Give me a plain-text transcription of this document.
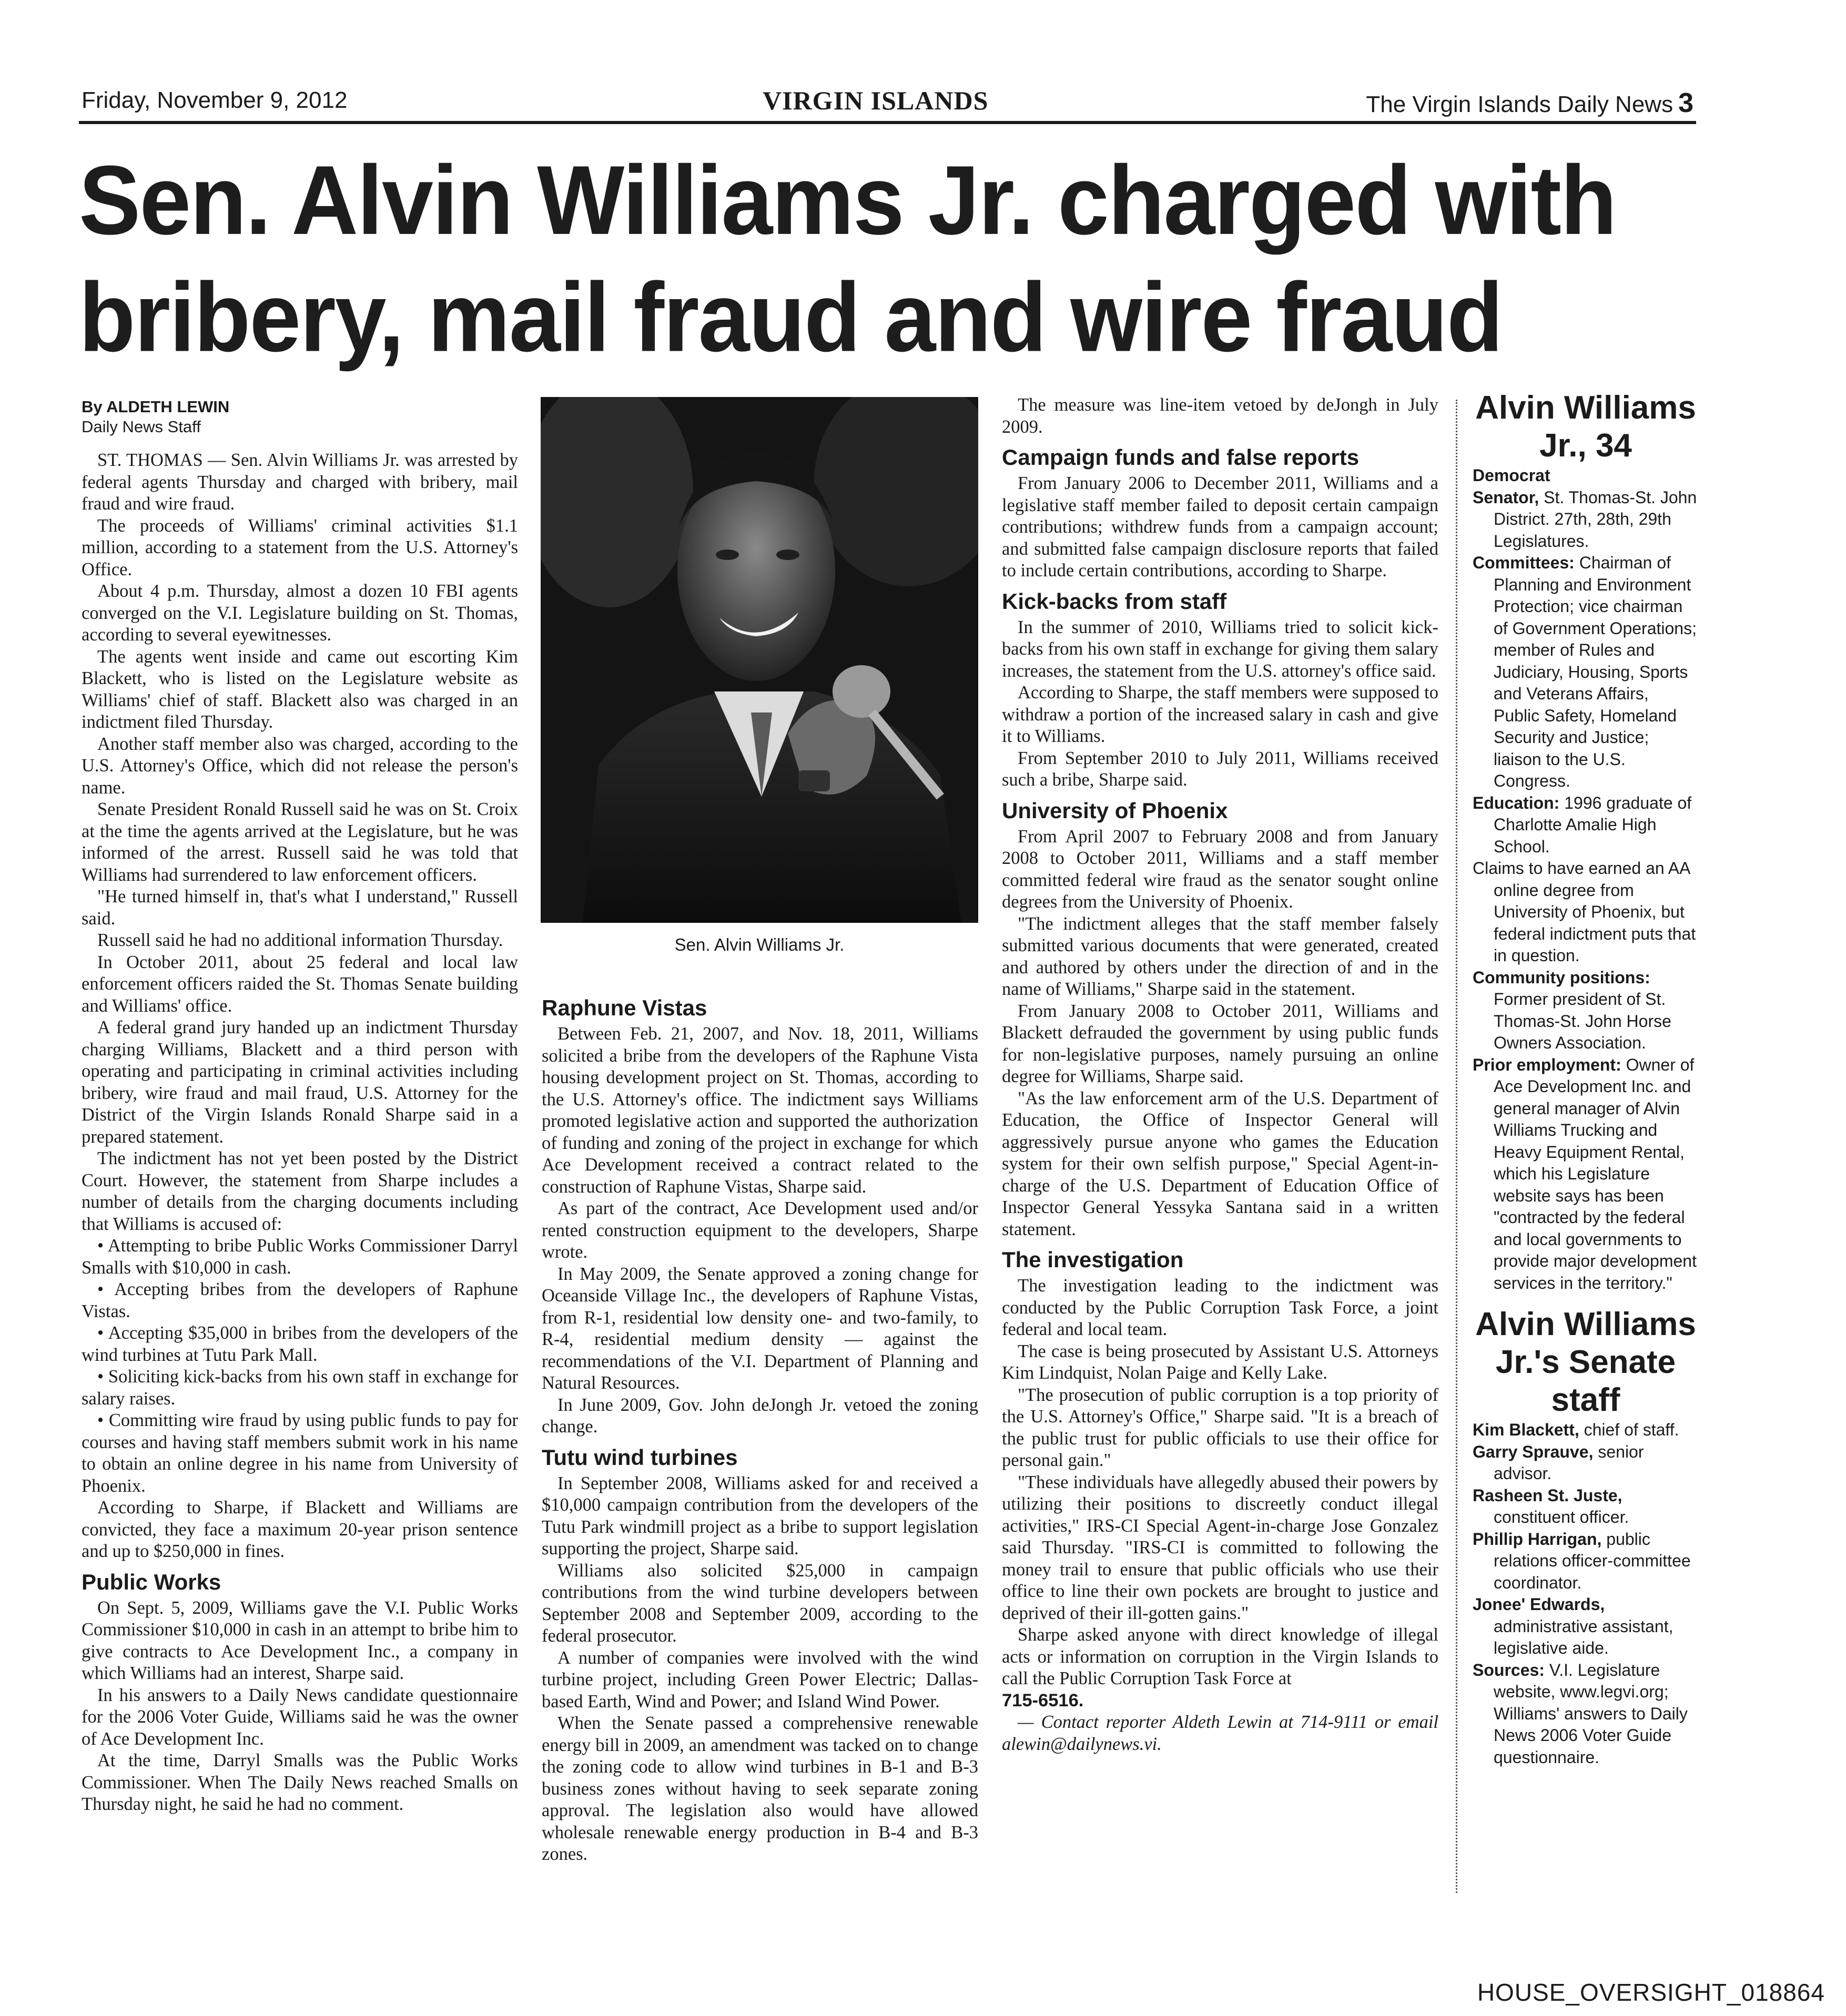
Friday, November 9, 2012	VIRGIN ISLANDS	The Virgin Islands Daily News 3
Sen. Alvin Williams Jr. charged with bribery, mail fraud and wire fraud
By ALDETH LEWIN
Daily News Staff

ST. THOMAS — Sen. Alvin Williams Jr. was arrested by federal agents Thursday and charged with bribery, mail fraud and wire fraud.

The proceeds of Williams' criminal activities $1.1 million, according to a statement from the U.S. Attorney's Office.

About 4 p.m. Thursday, almost a dozen 10 FBI agents converged on the V.I. Legislature building on St. Thomas, according to several eyewitnesses.

The agents went inside and came out escorting Kim Blackett, who is listed on the Legislature website as Williams' chief of staff. Blackett also was charged in an indictment filed Thursday.

Another staff member also was charged, according to the U.S. Attorney's Office, which did not release the person's name.

Senate President Ronald Russell said he was on St. Croix at the time the agents arrived at the Legislature, but he was informed of the arrest. Russell said he was told that Williams had surrendered to law enforcement officers.

"He turned himself in, that's what I understand," Russell said.

Russell said he had no additional information Thursday.

In October 2011, about 25 federal and local law enforcement officers raided the St. Thomas Senate building and Williams' office.

A federal grand jury handed up an indictment Thursday charging Williams, Blackett and a third person with operating and participating in criminal activities including bribery, wire fraud and mail fraud, U.S. Attorney for the District of the Virgin Islands Ronald Sharpe said in a prepared statement.

The indictment has not yet been posted by the District Court. However, the statement from Sharpe includes a number of details from the charging documents including that Williams is accused of:

• Attempting to bribe Public Works Commissioner Darryl Smalls with $10,000 in cash.

• Accepting bribes from the developers of Raphune Vistas.

• Accepting $35,000 in bribes from the developers of the wind turbines at Tutu Park Mall.

• Soliciting kick-backs from his own staff in exchange for salary raises.

• Committing wire fraud by using public funds to pay for courses and having staff members submit work in his name to obtain an online degree in his name from University of Phoenix.

According to Sharpe, if Blackett and Williams are convicted, they face a maximum 20-year prison sentence and up to $250,000 in fines.

Public Works

On Sept. 5, 2009, Williams gave the V.I. Public Works Commissioner $10,000 in cash in an attempt to bribe him to give contracts to Ace Development Inc., a company in which Williams had an interest, Sharpe said.

In his answers to a Daily News candidate questionnaire for the 2006 Voter Guide, Williams said he was the owner of Ace Development Inc.

At the time, Darryl Smalls was the Public Works Commissioner. When The Daily News reached Smalls on Thursday night, he said he had no comment.

Sen. Alvin Williams Jr.
Raphune Vistas

Between Feb. 21, 2007, and Nov. 18, 2011, Williams solicited a bribe from the developers of the Raphune Vista housing development project on St. Thomas, according to the U.S. Attorney's office. The indictment says Williams promoted legislative action and supported the authorization of funding and zoning of the project in exchange for which Ace Development received a contract related to the construction of Raphune Vistas, Sharpe said.

As part of the contract, Ace Development used and/or rented construction equipment to the developers, Sharpe wrote.

In May 2009, the Senate approved a zoning change for Oceanside Village Inc., the developers of Raphune Vistas, from R-1, residential low density one- and two-family, to R-4, residential medium density — against the recommendations of the V.I. Department of Planning and Natural Resources.

In June 2009, Gov. John deJongh Jr. vetoed the zoning change.

Tutu wind turbines

In September 2008, Williams asked for and received a $10,000 campaign contribution from the developers of the Tutu Park windmill project as a bribe to support legislation supporting the project, Sharpe said.

Williams also solicited $25,000 in campaign contributions from the wind turbine developers between September 2008 and September 2009, according to the federal prosecutor.

A number of companies were involved with the wind turbine project, including Green Power Electric; Dallas-based Earth, Wind and Power; and Island Wind Power.

When the Senate passed a comprehensive renewable energy bill in 2009, an amendment was tacked on to change the zoning code to allow wind turbines in B-1 and B-3 business zones without having to seek separate zoning approval. The legislation also would have allowed wholesale renewable energy production in B-4 and B-3 zones.

The measure was line-item vetoed by deJongh in July 2009.

Campaign funds and false reports

From January 2006 to December 2011, Williams and a legislative staff member failed to deposit certain campaign contributions; withdrew funds from a campaign account; and submitted false campaign disclosure reports that failed to include certain contributions, according to Sharpe.

Kick-backs from staff

In the summer of 2010, Williams tried to solicit kick-backs from his own staff in exchange for giving them salary increases, the statement from the U.S. attorney's office said.

According to Sharpe, the staff members were supposed to withdraw a portion of the increased salary in cash and give it to Williams.

From September 2010 to July 2011, Williams received such a bribe, Sharpe said.

University of Phoenix

From April 2007 to February 2008 and from January 2008 to October 2011, Williams and a staff member committed federal wire fraud as the senator sought online degrees from the University of Phoenix.

"The indictment alleges that the staff member falsely submitted various documents that were generated, created and authored by others under the direction of and in the name of Williams," Sharpe said in the statement.

From January 2008 to October 2011, Williams and Blackett defrauded the government by using public funds for non-legislative purposes, namely pursuing an online degree for Williams, Sharpe said.

"As the law enforcement arm of the U.S. Department of Education, the Office of Inspector General will aggressively pursue anyone who games the Education system for their own selfish purpose," Special Agent-in-charge of the U.S. Department of Education Office of Inspector General Yessyka Santana said in a written statement.

The investigation

The investigation leading to the indictment was conducted by the Public Corruption Task Force, a joint federal and local team.

The case is being prosecuted by Assistant U.S. Attorneys Kim Lindquist, Nolan Paige and Kelly Lake.

"The prosecution of public corruption is a top priority of the U.S. Attorney's Office," Sharpe said. "It is a breach of the public trust for public officials to use their office for personal gain."

"These individuals have allegedly abused their powers by utilizing their positions to discreetly conduct illegal activities," IRS-CI Special Agent-in-charge Jose Gonzalez said Thursday. "IRS-CI is committed to following the money trail to ensure that public officials who use their office to line their own pockets are brought to justice and deprived of their ill-gotten gains."

Sharpe asked anyone with direct knowledge of illegal acts or information on corruption in the Virgin Islands to call the Public Corruption Task Force at

715-6516.

— Contact reporter Aldeth Lewin at 714-9111 or email alewin@dailynews.vi.

Alvin Williams Jr., 34
Democrat
Senator, St. Thomas-St. John District. 27th, 28th, 29th Legislatures.
Committees: Chairman of Planning and Environment Protection; vice chairman of Government Operations; member of Rules and Judiciary, Housing, Sports and Veterans Affairs, Public Safety, Homeland Security and Justice; liaison to the U.S. Congress.
Education: 1996 graduate of Charlotte Amalie High School.
Claims to have earned an AA online degree from University of Phoenix, but federal indictment puts that in question.
Community positions: Former president of St. Thomas-St. John Horse Owners Association.
Prior employment: Owner of Ace Development Inc. and general manager of Alvin Williams Trucking and Heavy Equipment Rental, which his Legislature website says has been "contracted by the federal and local governments to provide major development services in the territory."
Alvin Williams Jr.'s Senate staff
Kim Blackett, chief of staff.
Garry Sprauve, senior advisor.
Rasheen St. Juste, constituent officer.
Phillip Harrigan, public relations officer-committee coordinator.
Jonee' Edwards, administrative assistant, legislative aide.
Sources: V.I. Legislature website, www.legvi.org; Williams' answers to Daily News 2006 Voter Guide questionnaire.
HOUSE_OVERSIGHT_018864
